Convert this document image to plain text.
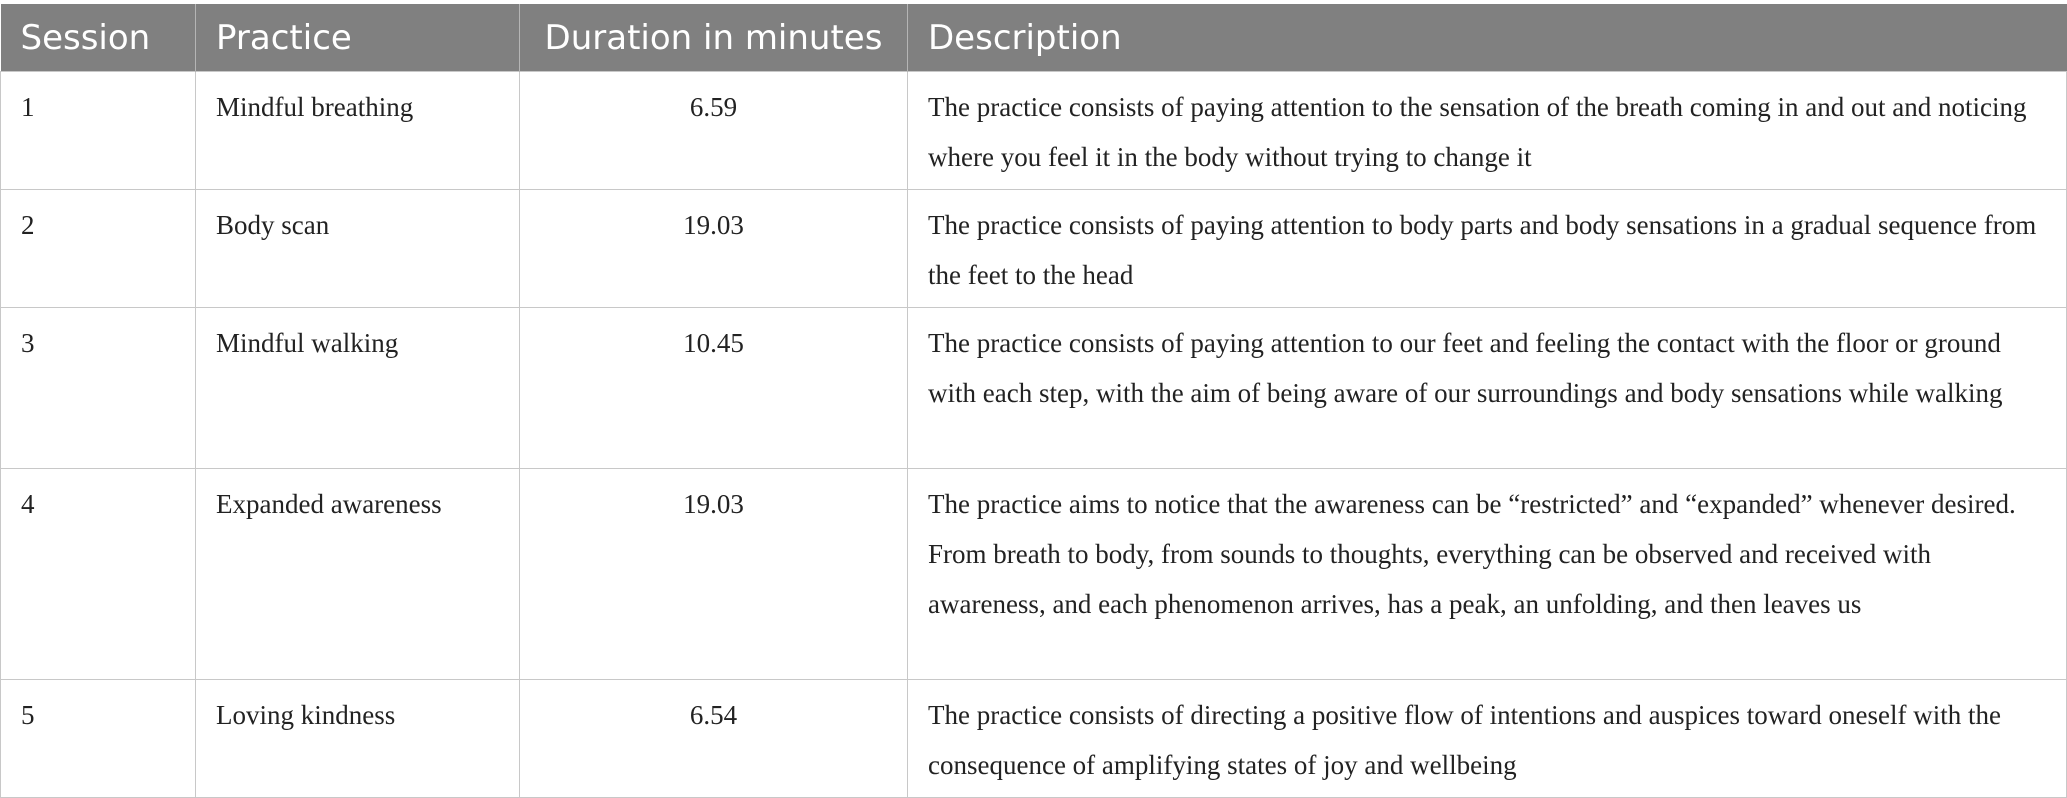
Session	Practice	Duration in minutes	Description
1	Mindful breathing	6.59	The practice consists of paying attention to the sensation of the breath coming in and out and noticing where you feel it in the body without trying to change it
2	Body scan	19.03	The practice consists of paying attention to body parts and body sensations in a gradual sequence from the feet to the head
3	Mindful walking	10.45	The practice consists of paying attention to our feet and feeling the contact with the floor or ground with each step, with the aim of being aware of our surroundings and body sensations while walking
4	Expanded awareness	19.03	The practice aims to notice that the awareness can be “restricted” and “expanded” whenever desired. From breath to body, from sounds to thoughts, everything can be observed and received with awareness, and each phenomenon arrives, has a peak, an unfolding, and then leaves us
5	Loving kindness	6.54	The practice consists of directing a positive flow of intentions and auspices toward oneself with the consequence of amplifying states of joy and wellbeing
